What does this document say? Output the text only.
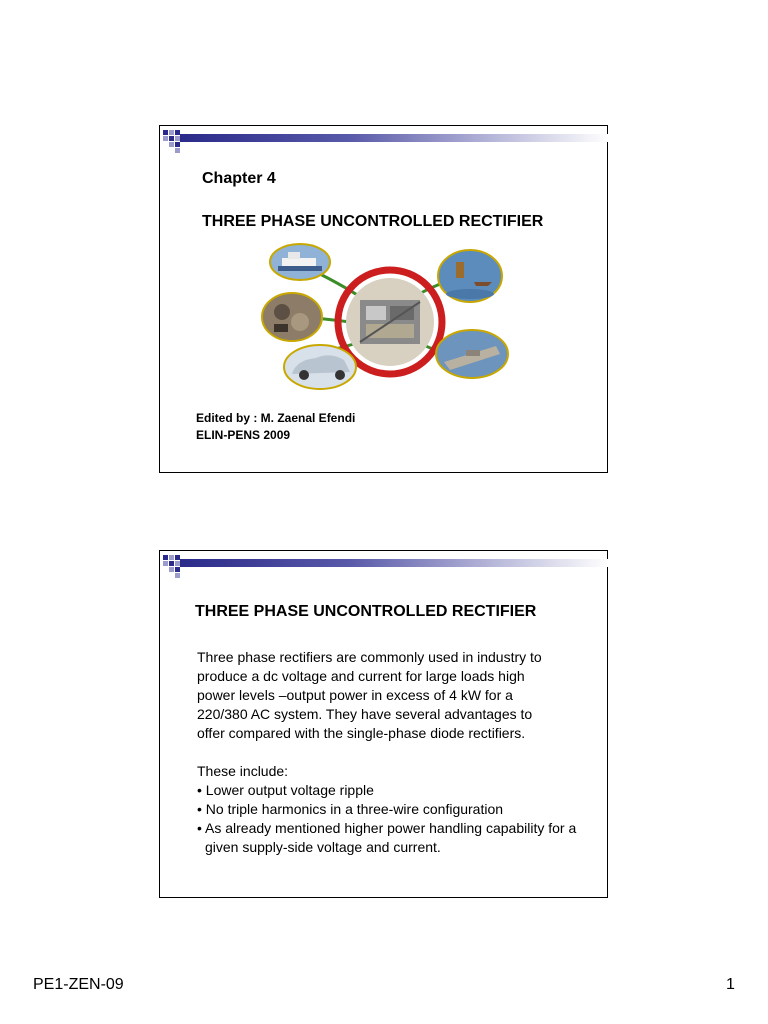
Chapter 4
THREE PHASE UNCONTROLLED RECTIFIER
Edited by : M. Zaenal Efendi
ELIN-PENS 2009
THREE PHASE UNCONTROLLED RECTIFIER

Three phase rectifiers are commonly used in industry to

produce a dc voltage and current for large loads high

power levels –output power in excess of 4 kW for a

220/380 AC system. They have several advantages to

offer compared with the single-phase diode rectifiers.

These include:

• Lower output voltage ripple

• No triple harmonics in a three-wire configuration

• As already mentioned higher power handling capability for a given supply-side voltage and current.

PE1-ZEN-09	1
